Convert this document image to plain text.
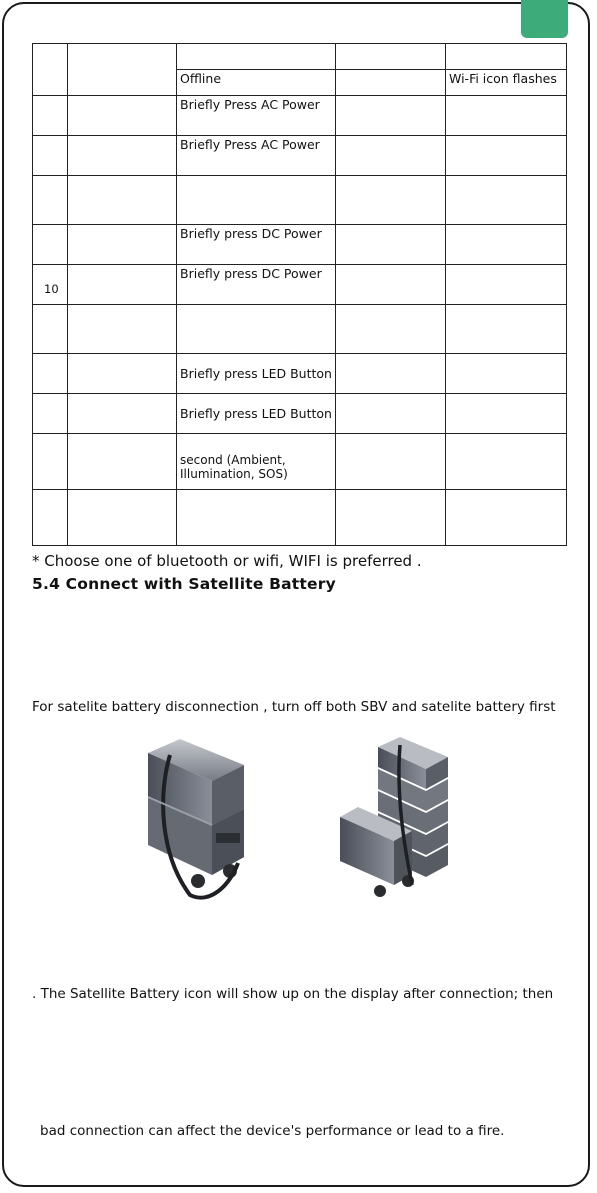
		Offline		Wi-Fi icon flashes
		Briefly Press AC Power		
		Briefly Press AC Power		

		Briefly press DC Power		
10		Briefly press DC Power		

		Briefly press LED Button		
		Briefly press LED Button		
		second (Ambient, Illumination, SOS)		

* Choose one of bluetooth or wifi, WIFI is preferred .
5.4 Connect with Satellite Battery
For satelite battery disconnection , turn off both SBV and satelite battery first
. The Satellite Battery icon will show up on the display after connection; then
bad connection can affect the device's performance or lead to a fire.
